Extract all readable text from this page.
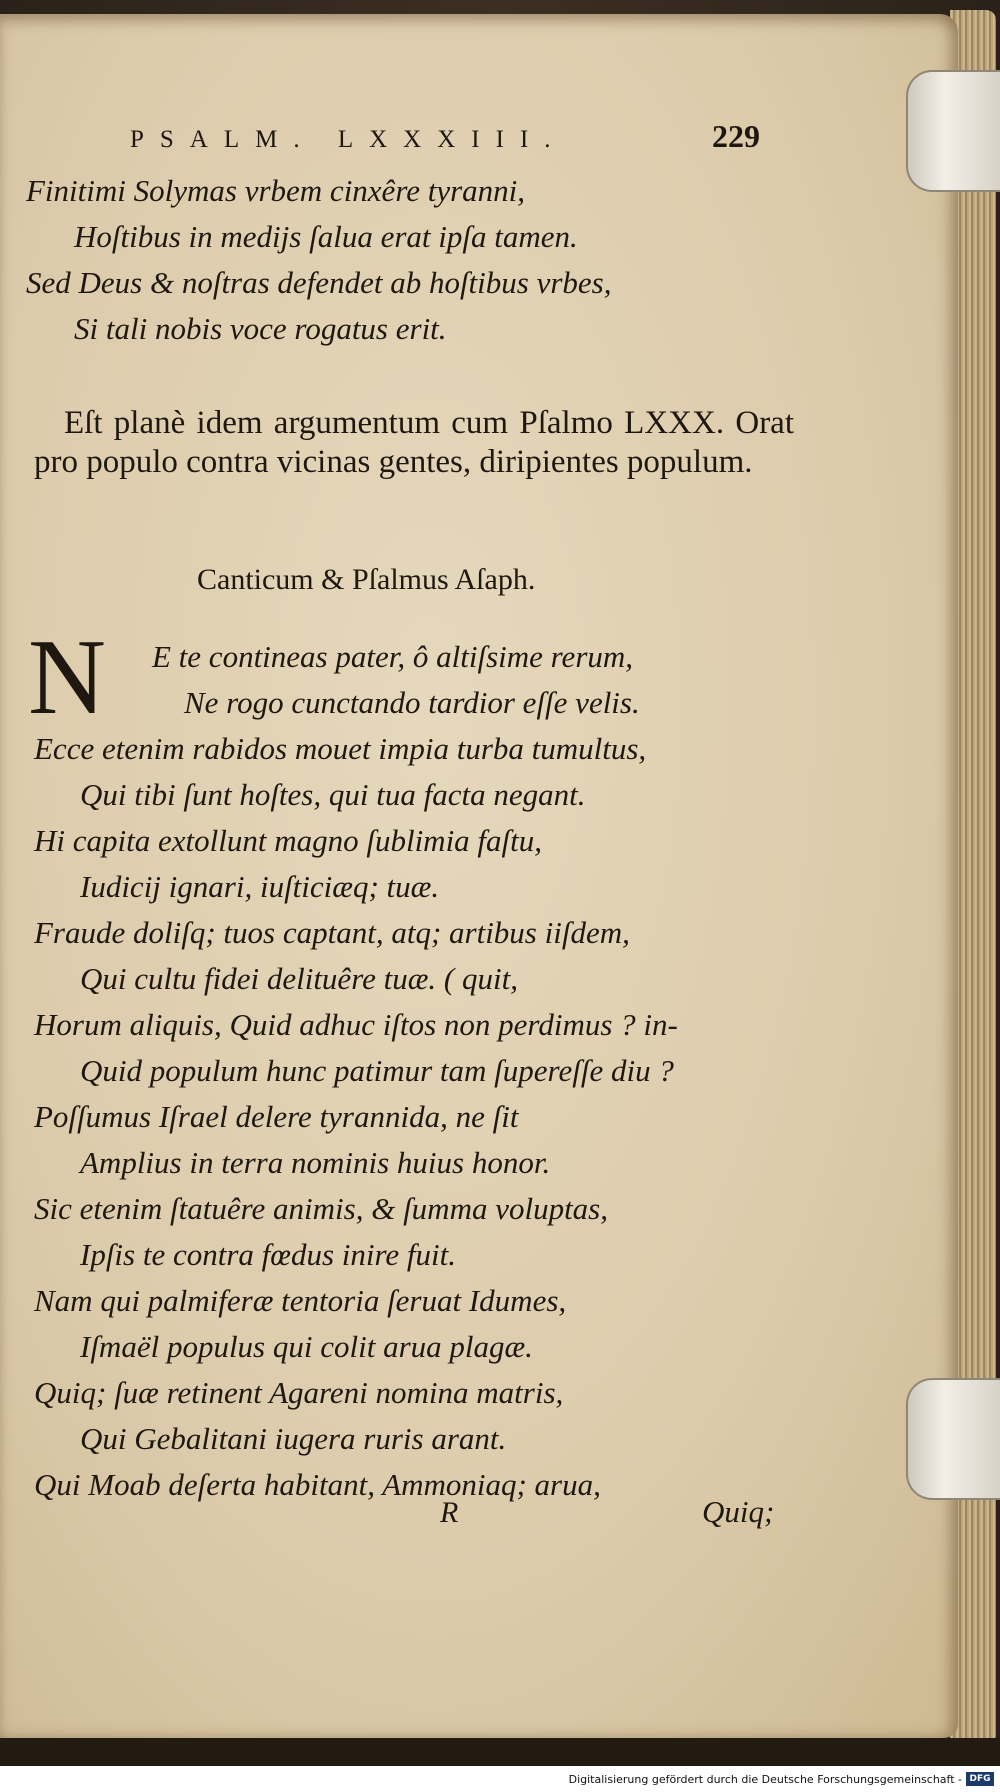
PSALM. LXXXIII.	229
Finitimi Solymas vrbem cinxêre tyranni,
Hoſtibus in medijs ſalua erat ipſa tamen.
Sed Deus & noſtras defendet ab hoſtibus vrbes,
Si tali nobis voce rogatus erit.
Eſt planè idem argumentum cum Pſalmo LXXX. Orat pro populo contra vicinas gentes, diripientes populum.
Canticum & Pſalmus Aſaph.
N	E te contineas pater, ô altiſsime rerum,
Ne rogo cunctando tardior eſſe velis.
Ecce etenim rabidos mouet impia turba tumultus,
Qui tibi ſunt hoſtes, qui tua facta negant.
Hi capita extollunt magno ſublimia faſtu,
Iudicij ignari, iuſticiæq; tuæ.
Fraude doliſq; tuos captant, atq; artibus iiſdem,
Qui cultu fidei delituêre tuæ. ( quit,
Horum aliquis, Quid adhuc iſtos non perdimus ? in-
Quid populum hunc patimur tam ſupereſſe diu ?
Poſſumus Iſrael delere tyrannida, ne ſit
Amplius in terra nominis huius honor.
Sic etenim ſtatuêre animis, & ſumma voluptas,
Ipſis te contra fœdus inire fuit.
Nam qui palmiferæ tentoria ſeruat Idumes,
Iſmaël populus qui colit arua plagæ.
Quiq; ſuæ retinent Agareni nomina matris,
Qui Gebalitani iugera ruris arant.
Qui Moab deſerta habitant, Ammoniaq; arua,
R	Quiq;
Digitalisierung gefördert durch die Deutsche Forschungsgemeinschaft - DFG
